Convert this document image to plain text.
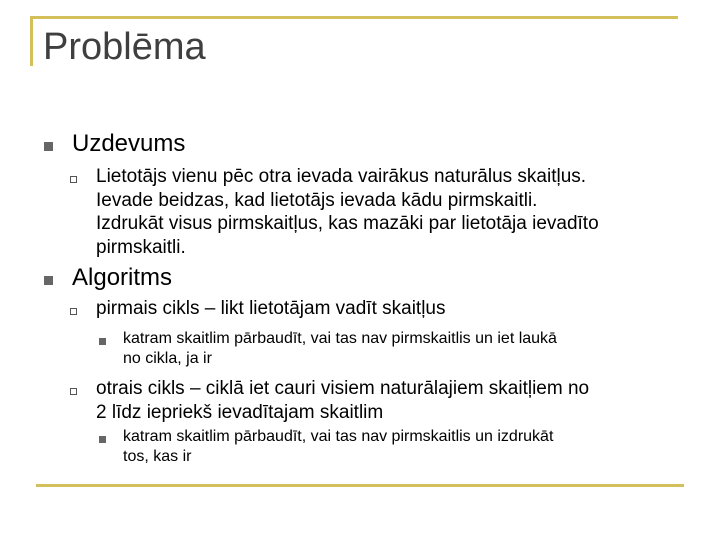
Problēma
Uzdevums
Lietotājs vienu pēc otra ievada vairākus naturālus skaitļus.
Ievade beidzas, kad lietotājs ievada kādu pirmskaitli.
Izdrukāt visus pirmskaitļus, kas mazāki par lietotāja ievadīto
pirmskaitli.
Algoritms
pirmais cikls – likt lietotājam vadīt skaitļus
katram skaitlim pārbaudīt, vai tas nav pirmskaitlis un iet laukā
no cikla, ja ir
otrais cikls – ciklā iet cauri visiem naturālajiem skaitļiem no
2 līdz iepriekš ievadītajam skaitlim
katram skaitlim pārbaudīt, vai tas nav pirmskaitlis un izdrukāt
tos, kas ir
